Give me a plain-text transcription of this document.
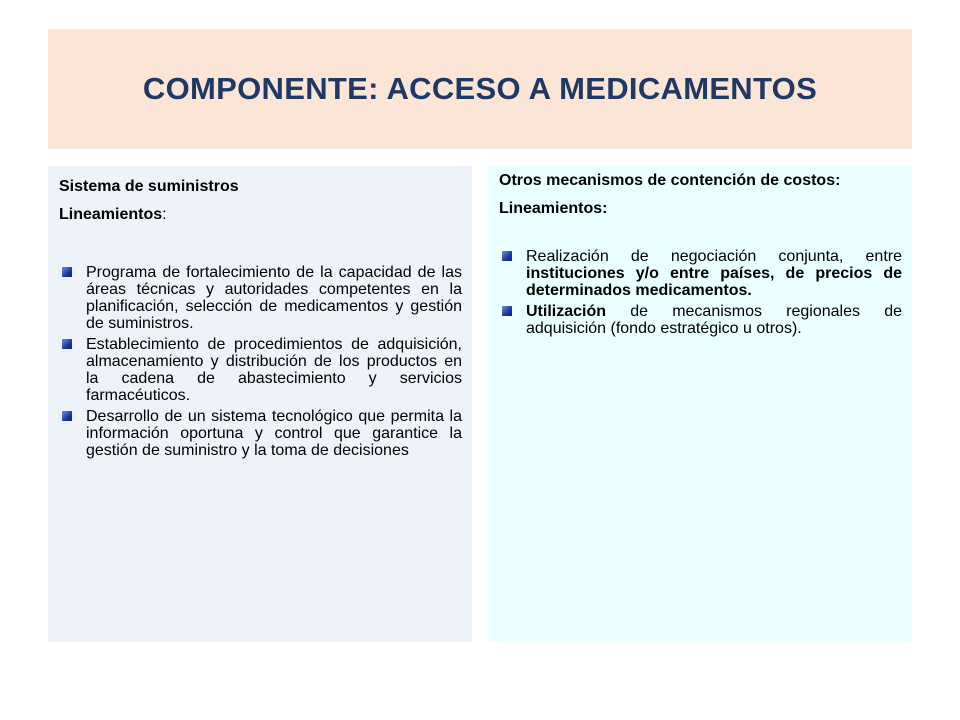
COMPONENTE: ACCESO A MEDICAMENTOS

Sistema de suministros

Lineamientos:
Programa de fortalecimiento de la capacidad de las áreas técnicas y autoridades competentes en la planificación, selección de medicamentos y gestión de suministros.
Establecimiento de procedimientos de adquisición, almacenamiento y distribución de los productos en la cadena de abastecimiento y servicios farmacéuticos.
Desarrollo de un sistema tecnológico que permita la información oportuna y control que garantice la gestión de suministro y la toma de decisiones

Otros mecanismos de contención de costos:

Lineamientos:
Realización de negociación conjunta, entre instituciones y/o entre países, de precios de determinados medicamentos.
Utilización de mecanismos regionales de adquisición (fondo estratégico u otros).
